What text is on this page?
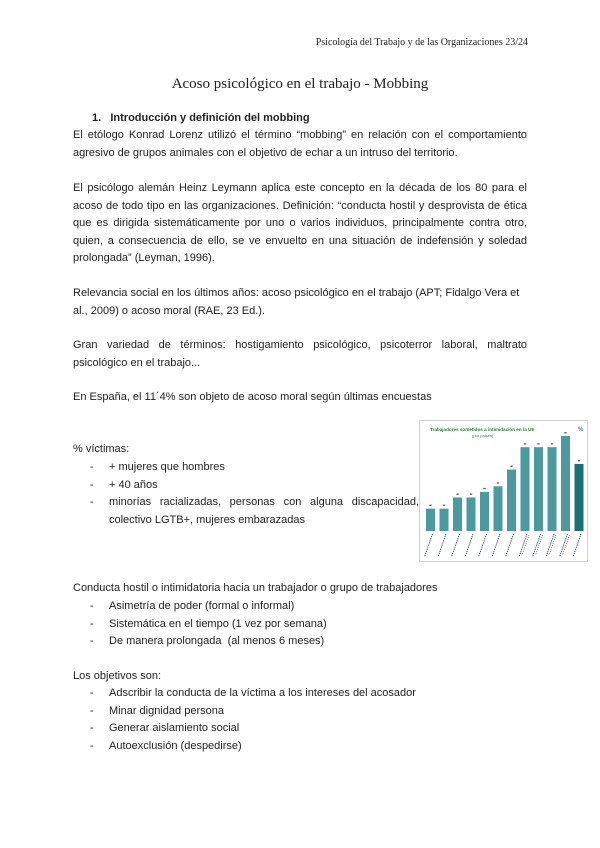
Psicología del Trabajo y de las Organizaciones 23/24
Acoso psicológico en el trabajo - Mobbing
1. Introducción y definición del mobbing

El etólogo Konrad Lorenz utilizó el término “mobbing” en relación con el comportamiento agresivo de grupos animales con el objetivo de echar a un intruso del territorio.

El psicólogo alemán Heinz Leymann aplica este concepto en la década de los 80 para el acoso de todo tipo en las organizaciones. Definición: “conducta hostil y desprovista de ética que es dirigida sistemáticamente por uno o varios individuos, principalmente contra otro, quien, a consecuencia de ello, se ve envuelto en una situación de indefensión y soledad prolongada” (Leyman, 1996).

Relevancia social en los últimos años: acoso psicológico en el trabajo (APT; Fidalgo Vera et al., 2009) o acoso moral (RAE, 23 Ed.).

Gran variedad de términos: hostigamiento psicológico, psicoterror laboral, maltrato psicológico en el trabajo...

En España, el 11´4% son objeto de acoso moral según últimas encuestas

% víctimas:
- + mujeres que hombres
- + 40 años
- minorías racializadas, personas con alguna discapacidad, colectivo LGTB+, mujeres embarazadas
Trabajadores sometidos a intimidación en la UE
(por países)
%
Conducta hostil o intimidatoria hacia un trabajador o grupo de trabajadores
- Asimetría de poder (formal o informal)
- Sistemática en el tiempo (1 vez por semana)
- De manera prolongada  (al menos 6 meses)
Los objetivos son:
- Adscribir la conducta de la víctima a los intereses del acosador
- Minar dignidad persona
- Generar aislamiento social
- Autoexclusión (despedirse)
